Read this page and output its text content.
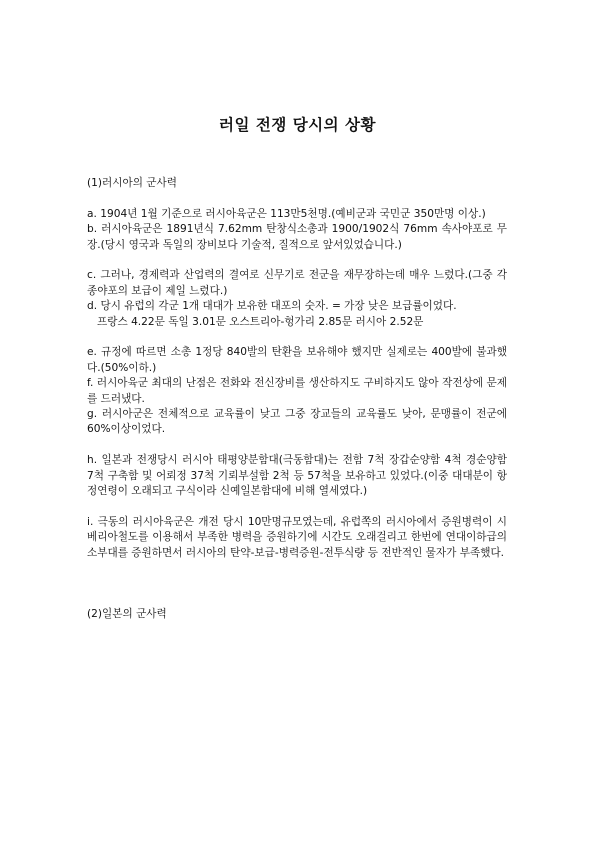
러일 전쟁 당시의 상황

(1)러시아의 군사력

a. 1904년 1월 기준으로 러시아육군은 113만5천명.(예비군과 국민군 350만명 이상.)

b. 러시아육군은 1891년식 7.62mm 탄창식소총과 1900/1902식 76mm 속사야포로 무장.(당시 영국과 독일의 장비보다 기술적, 질적으로 앞서있었습니다.)

c. 그러나, 경제력과 산업력의 결여로 신무기로 전군을 재무장하는데 매우 느렸다.(그중 각종야포의 보급이 제일 느렸다.)

d. 당시 유럽의 각군 1개 대대가 보유한 대포의 숫자. = 가장 낮은 보급률이었다.

프랑스 4.22문 독일 3.01문 오스트리아-헝가리 2.85문 러시아 2.52문

e. 규정에 따르면 소총 1정당 840발의 탄환을 보유해야 했지만 실제로는 400발에 불과했다.(50%이하.)

f. 러시아육군 최대의 난점은 전화와 전신장비를 생산하지도 구비하지도 않아 작전상에 문제를 드러냈다.

g. 러시아군은 전체적으로 교육률이 낮고 그중 장교들의 교육률도 낮아, 문맹률이 전군에 60%이상이었다.

h. 일본과 전쟁당시 러시아 태평양분함대(극동함대)는 전함 7척 장갑순양함 4척 경순양함 7척 구축함 및 어뢰정 37척 기뢰부설함 2척 등 57척을 보유하고 있었다.(이중 대대분이 항정연령이 오래되고 구식이라 신예일본함대에 비해 열세였다.)

i. 극동의 러시아육군은 개전 당시 10만명규모였는데, 유럽쪽의 러시아에서 증원병력이 시베리아철도를 이용해서 부족한 병력을 증원하기에 시간도 오래걸리고 한번에 연대이하급의 소부대를 증원하면서 러시아의 탄약-보급-병력증원-전투식량 등 전반적인 물자가 부족했다.

(2)일본의 군사력
